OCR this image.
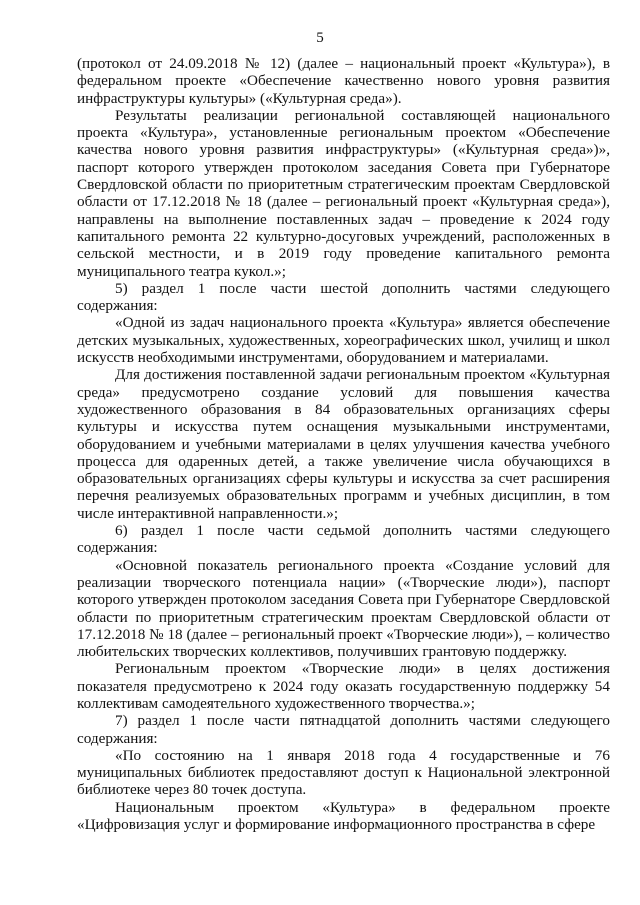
5

(протокол от 24.09.2018 № 12) (далее – национальный проект «Культура»), в федеральном проекте «Обеспечение качественно нового уровня развития инфраструктуры культуры» («Культурная среда»).

Результаты реализации региональной составляющей национального проекта «Культура», установленные региональным проектом «Обеспечение качества нового уровня развития инфраструктуры» («Культурная среда»)», паспорт которого утвержден протоколом заседания Совета при Губернаторе Свердловской области по приоритетным стратегическим проектам Свердловской области от 17.12.2018 № 18 (далее – региональный проект «Культурная среда»), направлены на выполнение поставленных задач – проведение к 2024 году капитального ремонта 22 культурно-досуговых учреждений, расположенных в сельской местности, и в 2019 году проведение капитального ремонта муниципального театра кукол.»;

5) раздел 1 после части шестой дополнить частями следующего содержания:

«Одной из задач национального проекта «Культура» является обеспечение детских музыкальных, художественных, хореографических школ, училищ и школ искусств необходимыми инструментами, оборудованием и материалами.

Для достижения поставленной задачи региональным проектом «Культурная среда» предусмотрено создание условий для повышения качества художественного образования в 84 образовательных организациях сферы культуры и искусства путем оснащения музыкальными инструментами, оборудованием и учебными материалами в целях улучшения качества учебного процесса для одаренных детей, а также увеличение числа обучающихся в образовательных организациях сферы культуры и искусства за счет расширения перечня реализуемых образовательных программ и учебных дисциплин, в том числе интерактивной направленности.»;

6) раздел 1 после части седьмой дополнить частями следующего содержания:

«Основной показатель регионального проекта «Создание условий для реализации творческого потенциала нации» («Творческие люди»), паспорт которого утвержден протоколом заседания Совета при Губернаторе Свердловской области по приоритетным стратегическим проектам Свердловской области от 17.12.2018 № 18 (далее – региональный проект «Творческие люди»), – количество любительских творческих коллективов, получивших грантовую поддержку.

Региональным проектом «Творческие люди» в целях достижения показателя предусмотрено к 2024 году оказать государственную поддержку 54 коллективам самодеятельного художественного творчества.»;

7) раздел 1 после части пятнадцатой дополнить частями следующего содержания:

«По состоянию на 1 января 2018 года 4 государственные и 76 муниципальных библиотек предоставляют доступ к Национальной электронной библиотеке через 80 точек доступа.

Национальным проектом «Культура» в федеральном проекте «Цифровизация услуг и формирование информационного пространства в сфере
